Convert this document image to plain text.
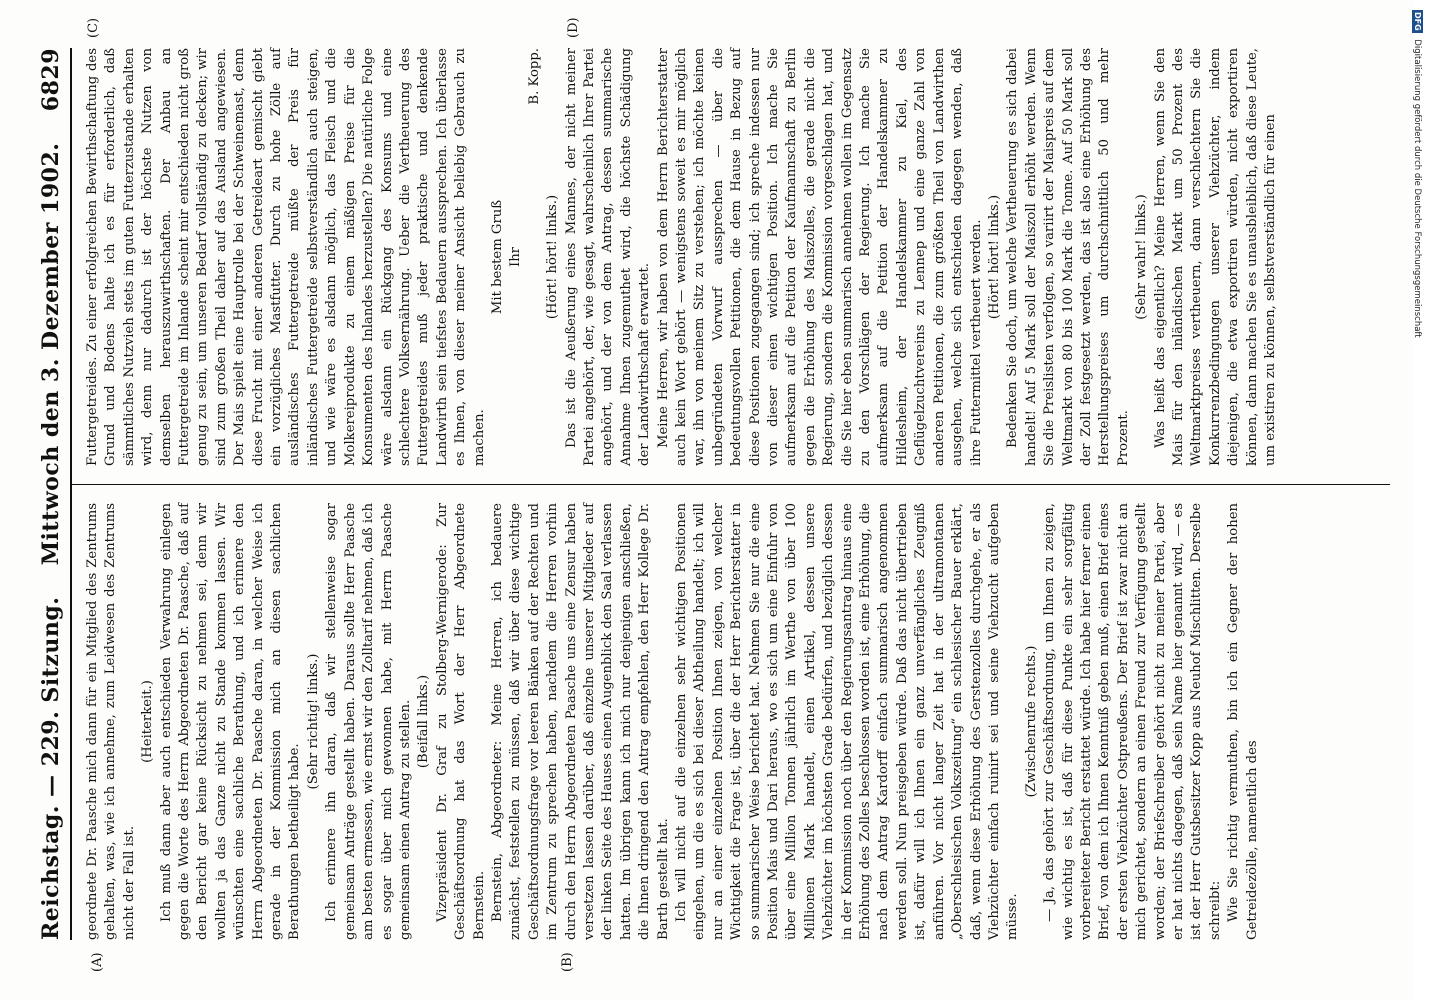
Reichstag. — 229. Sitzung.
Mittwoch den 3. Dezember 1902.
6829
(A)	(B)
(C)	(D)

geordnete Dr. Paasche mich dann für ein Mitglied des Zentrums gehalten, was, wie ich annehme, zum Leidwesen des Zentrums nicht der Fall ist.

(Heiterkeit.) Ich muß dann aber auch entschieden Verwahrung einlegen gegen die Worte des Herrn Abgeordneten Dr. Paasche, daß auf den Bericht gar keine Rücksicht zu nehmen sei, denn wir wollten ja das Ganze nicht zu Stande kommen lassen. Wir wünschten eine sachliche Berathung, und ich erinnere den Herrn Abgeordneten Dr. Paasche daran, in welcher Weise ich gerade in der Kommission mich an diesen sachlichen Berathungen betheiligt habe.

(Sehr richtig! links.) Ich erinnere ihn daran, daß wir stellenweise sogar gemeinsam Anträge gestellt haben. Daraus sollte Herr Paasche am besten ermessen, wie ernst wir den Zolltarif nehmen, daß ich es sogar über mich gewonnen habe, mit Herrn Paasche gemeinsam einen Antrag zu stellen. (Beifall links.) Vizepräsident Dr. Graf zu Stolberg-Wernigerode: Zur Geschäftsordnung hat das Wort der Herr Abgeordnete Bernstein. Bernstein, Abgeordneter: Meine Herren, ich bedauere zunächst, feststellen zu müssen, daß wir über diese wichtige Geschäftsordnungsfrage vor leeren Bänken auf der Rechten und im Zentrum zu sprechen haben, nachdem die Herren vorhin durch den Herrn Abgeordneten Paasche uns eine Zensur haben versetzen lassen darüber, daß einzelne unserer Mitglieder auf der linken Seite des Hauses einen Augenblick den Saal verlassen hatten. Im übrigen kann ich mich nur denjenigen anschließen, die Ihnen dringend den Antrag empfehlen, den Herr Kollege Dr. Barth gestellt hat. Ich will nicht auf die einzelnen sehr wichtigen Positionen eingehen, um die es sich bei dieser Abtheilung handelt; ich will nur an einer einzelnen Position Ihnen zeigen, von welcher Wichtigkeit die Frage ist, über die der Herr Berichterstatter in so summarischer Weise berichtet hat. Nehmen Sie nur die eine Position Mais und Dari heraus, wo es sich um eine Einfuhr von über eine Million Tonnen jährlich im Werthe von über 100 Millionen Mark handelt, einen Artikel, dessen unsere Viehzüchter im höchsten Grade bedürfen, und bezüglich dessen in der Kommission noch über den Regierungsantrag hinaus eine Erhöhung des Zolles beschlossen worden ist, eine Erhöhung, die nach dem Antrag Kardorff einfach summarisch angenommen werden soll. Nun preisgeben würde. Daß das nicht übertrieben ist, dafür will ich Ihnen ein ganz unverfängliches Zeugniß anführen. Vor nicht langer Zeit hat in der ultramontanen „Oberschlesischen Volkszeitung“ ein schlesischer Bauer erklärt, daß, wenn diese Erhöhung des Gerstenzolles durchgehe, er als Viehzüchter einfach ruinirt sei und seine Viehzucht aufgeben müsse.

(Zwischenrufe rechts.) — Ja, das gehört zur Geschäftsordnung, um Ihnen zu zeigen, wie wichtig es ist, daß für diese Punkte ein sehr sorgfältig vorbereiteter Bericht erstattet würde. Ich habe hier ferner einen Brief, von dem ich Ihnen Kenntniß geben muß, einen Brief eines der ersten Viehzüchter Ostpreußens. Der Brief ist zwar nicht an mich gerichtet, sondern an einen Freund zur Verfügung gestellt worden; der Briefschreiber gehört nicht zu meiner Partei, aber er hat nichts dagegen, daß sein Name hier genannt wird, — es ist der Herr Gutsbesitzer Kopp aus Neuhof Mischlitten. Derselbe schreibt: Wie Sie richtig vermuthen, bin ich ein Gegner der hohen Getreidezölle, namentlich des

Futtergetreides. Zu einer erfolgreichen Bewirthschaftung des Grund und Bodens halte ich es für erforderlich, daß sämmtliches Nutzvieh stets im guten Futterzustande erhalten wird, denn nur dadurch ist der höchste Nutzen von demselben herauszuwirthschaften. Der Anbau an Futtergetreide im Inlande scheint mir entschieden nicht groß genug zu sein, um unseren Bedarf vollständig zu decken; wir sind zum großen Theil daher auf das Ausland angewiesen. Der Mais spielt eine Hauptrolle bei der Schweinemast, denn diese Frucht mit einer anderen Getreideart gemischt giebt ein vorzügliches Mastfutter. Durch zu hohe Zölle auf ausländisches Futtergetreide müßte der Preis für inländisches Futtergetreide selbstverständlich auch steigen, und wie wäre es alsdann möglich, das Fleisch und die Molkereiprodukte zu einem mäßigen Preise für die Konsumenten des Inlandes herzustellen? Die natürliche Folge wäre alsdann ein Rückgang des Konsums und eine schlechtere Volksernährung. Ueber die Vertheuerung des Futtergetreides muß jeder praktische und denkende Landwirth sein tiefstes Bedauern aussprechen. Ich überlasse es Ihnen, von dieser meiner Ansicht beliebig Gebrauch zu machen.

Mit bestem Gruß Ihr

B. Kopp.

(Hört! hört! links.) Das ist die Aeußerung eines Mannes, der nicht meiner Partei angehört, der, wie gesagt, wahrscheinlich Ihrer Partei angehört, und der von dem Antrag, dessen summarische Annahme Ihnen zugemuthet wird, die höchste Schädigung der Landwirthschaft erwartet. Meine Herren, wir haben von dem Herrn Berichterstatter auch kein Wort gehört — wenigstens soweit es mir möglich war, ihn von meinem Sitz zu verstehen; ich möchte keinen unbegründeten Vorwurf aussprechen — über die bedeutungsvollen Petitionen, die dem Hause in Bezug auf diese Positionen zugegangen sind; ich spreche indessen nur von dieser einen wichtigen Position. Ich mache Sie aufmerksam auf die Petition der Kaufmannschaft zu Berlin gegen die Erhöhung des Maiszolles, die gerade nicht die Regierung, sondern die Kommission vorgeschlagen hat, und die Sie hier eben summarisch annehmen wollen im Gegensatz zu den Vorschlägen der Regierung. Ich mache Sie aufmerksam auf die Petition der Handelskammer zu Hildesheim, der Handelskammer zu Kiel, des Geflügelzuchtvereins zu Lennep und eine ganze Zahl von anderen Petitionen, die zum größten Theil von Landwirthen ausgehen, welche sich entschieden dagegen wenden, daß ihre Futtermittel vertheuert werden. (Hört! hört! links.) Bedenken Sie doch, um welche Vertheuerung es sich dabei handelt! Auf 5 Mark soll der Maiszoll erhöht werden. Wenn Sie die Preislisten verfolgen, so variirt der Maispreis auf dem Weltmarkt von 80 bis 100 Mark die Tonne. Auf 50 Mark soll der Zoll festgesetzt werden, das ist also eine Erhöhung des Herstellungspreises um durchschnittlich 50 und mehr Prozent.

(Sehr wahr! links.) Was heißt das eigentlich? Meine Herren, wenn Sie den Mais für den inländischen Markt um 50 Prozent des Weltmarktpreises vertheuern, dann verschlechtern Sie die Konkurrenzbedingungen unserer Viehzüchter, indem diejenigen, die etwa exportiren würden, nicht exportiren können, dann machen Sie es unausbleiblich, daß diese Leute, um existiren zu können, selbstverständlich für einen

DFG Digitalisierung gefördert durch die Deutsche Forschungsgemeinschaft
